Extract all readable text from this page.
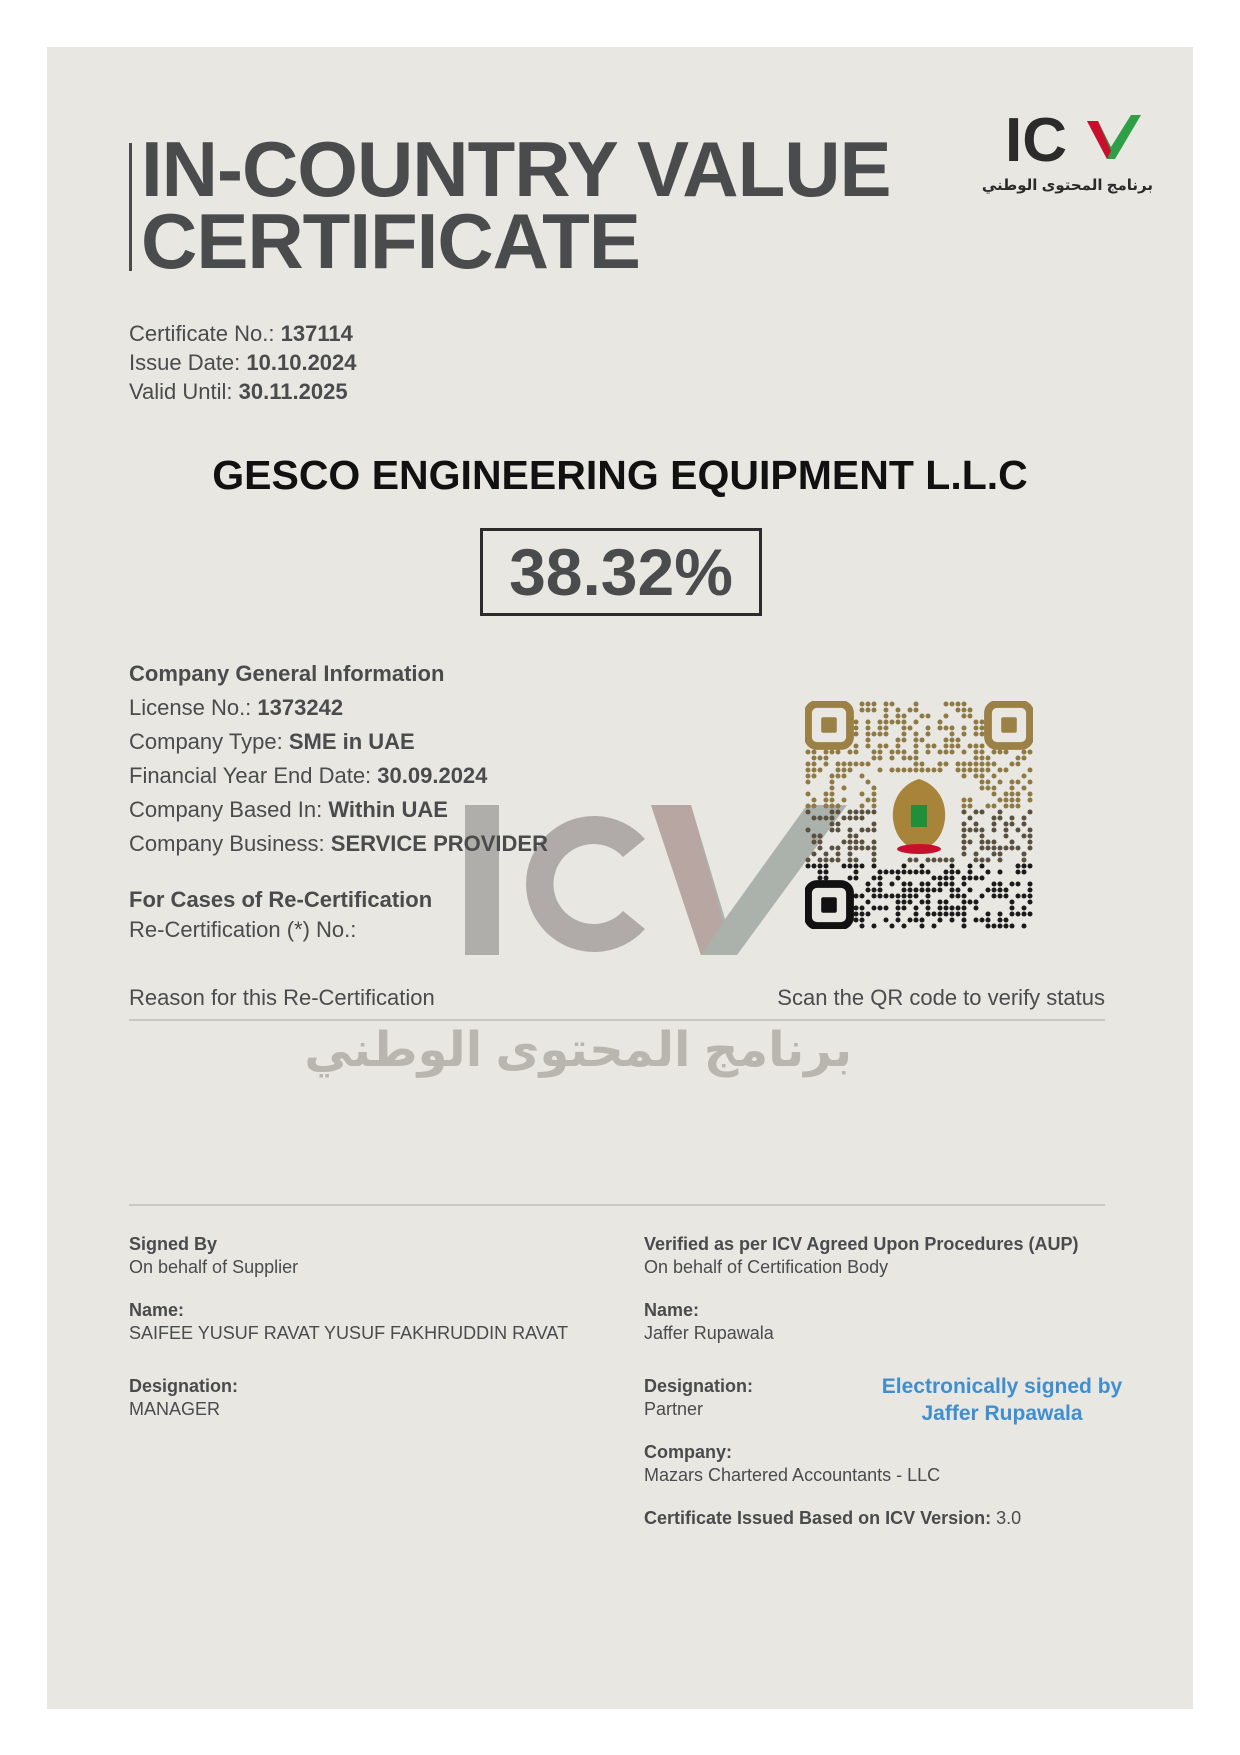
IN-COUNTRY VALUE
CERTIFICATE
IC
برنامج المحتوى الوطني
Certificate No.: 137114
Issue Date: 10.10.2024
Valid Until: 30.11.2025
GESCO ENGINEERING EQUIPMENT L.L.C
38.32%
برنامج المحتوى الوطني
Company General Information
License No.: 1373242
Company Type: SME in UAE
Financial Year End Date: 30.09.2024
Company Based In: Within UAE
Company Business: SERVICE PROVIDER
For Cases of Re-Certification
Re-Certification (*) No.:
Reason for this Re-Certification	Scan the QR code to verify status
Signed By
On behalf of Supplier
Name:
SAIFEE YUSUF RAVAT YUSUF FAKHRUDDIN RAVAT
Designation:
MANAGER
Verified as per ICV Agreed Upon Procedures (AUP)
On behalf of Certification Body
Name:
Jaffer Rupawala
Designation:
Partner
Company:
Mazars Chartered Accountants - LLC
Certificate Issued Based on ICV Version: 3.0
Electronically signed by
Jaffer Rupawala
